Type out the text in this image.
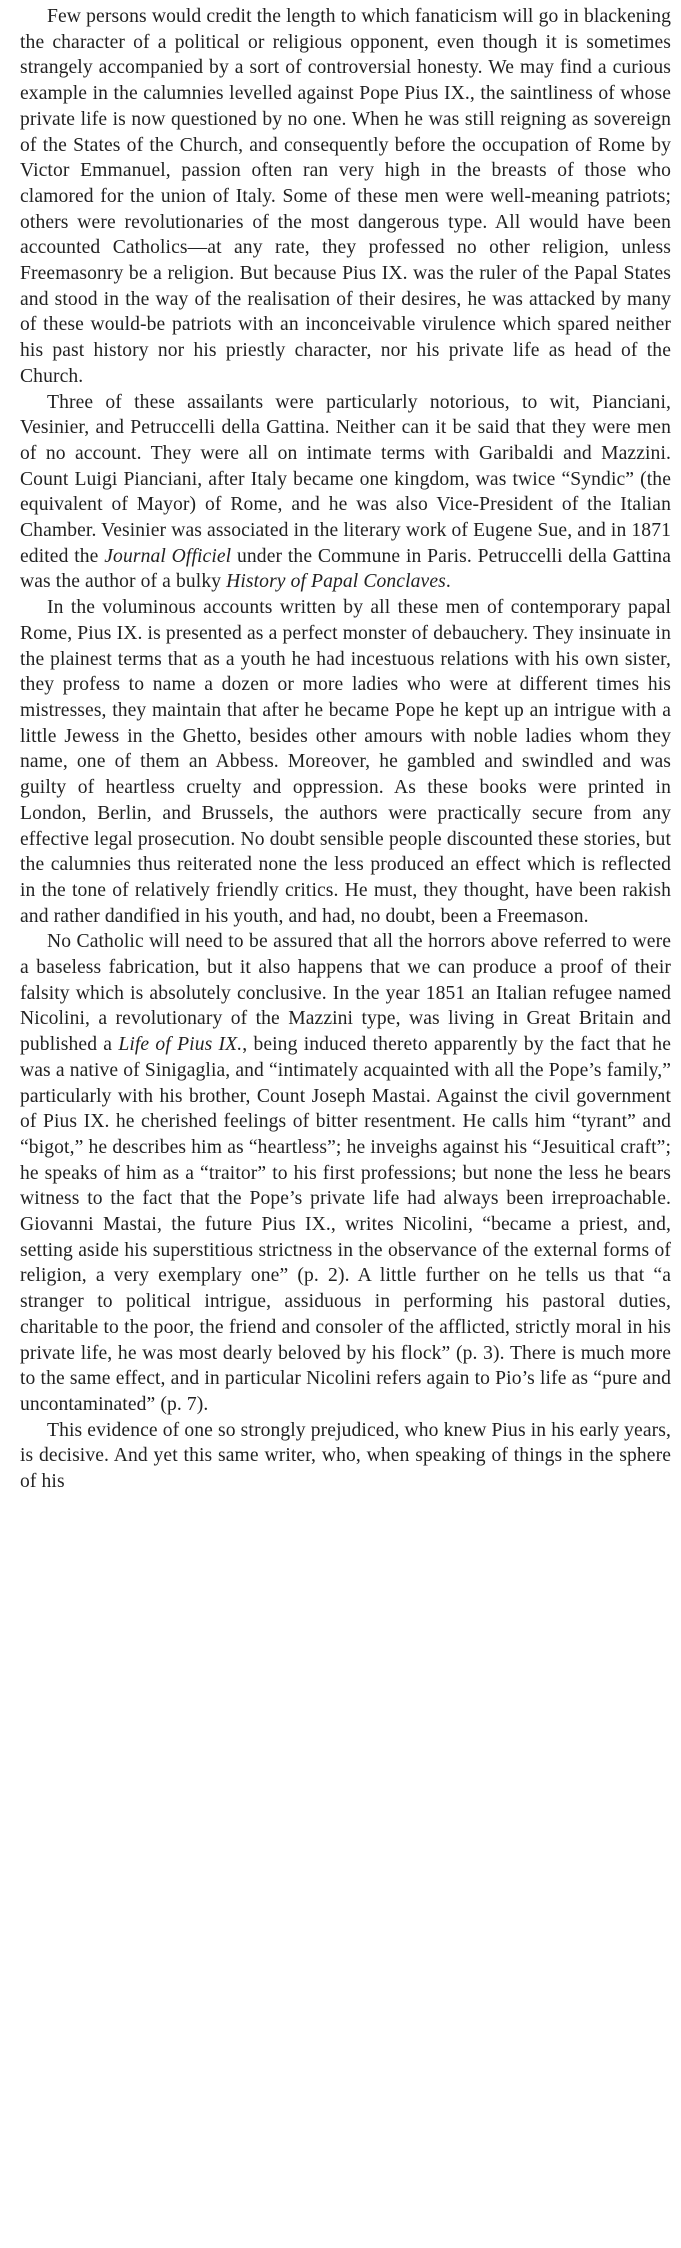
Few persons would credit the length to which fanaticism will go in blackening the character of a political or religious opponent, even though it is sometimes strangely accompanied by a sort of controversial honesty. We may find a curious example in the calumnies levelled against Pope Pius IX., the saintliness of whose private life is now questioned by no one. When he was still reigning as sovereign of the States of the Church, and consequently before the occupation of Rome by Victor Emmanuel, passion often ran very high in the breasts of those who clamored for the union of Italy. Some of these men were well-meaning patriots; others were revolutionaries of the most dangerous type. All would have been accounted Catholics—at any rate, they professed no other religion, unless Freemasonry be a religion. But because Pius IX. was the ruler of the Papal States and stood in the way of the realisation of their desires, he was attacked by many of these would-be patriots with an inconceivable virulence which spared neither his past history nor his priestly character, nor his private life as head of the Church.

Three of these assailants were particularly notorious, to wit, Pianciani, Vesinier, and Petruccelli della Gattina. Neither can it be said that they were men of no account. They were all on intimate terms with Garibaldi and Mazzini. Count Luigi Pianciani, after Italy became one kingdom, was twice “Syndic” (the equivalent of Mayor) of Rome, and he was also Vice-President of the Italian Chamber. Vesinier was associated in the literary work of Eugene Sue, and in 1871 edited the Journal Officiel under the Commune in Paris. Petruccelli della Gattina was the author of a bulky History of Papal Conclaves.

In the voluminous accounts written by all these men of contemporary papal Rome, Pius IX. is presented as a perfect monster of debauchery. They insinuate in the plainest terms that as a youth he had incestuous relations with his own sister, they profess to name a dozen or more ladies who were at different times his mistresses, they maintain that after he became Pope he kept up an intrigue with a little Jewess in the Ghetto, besides other amours with noble ladies whom they name, one of them an Abbess. Moreover, he gambled and swindled and was guilty of heartless cruelty and oppression. As these books were printed in London, Berlin, and Brussels, the authors were practically secure from any effective legal prosecution. No doubt sensible people discounted these stories, but the calumnies thus reiterated none the less produced an effect which is reflected in the tone of relatively friendly critics. He must, they thought, have been rakish and rather dandified in his youth, and had, no doubt, been a Freemason.

No Catholic will need to be assured that all the horrors above referred to were a baseless fabrication, but it also happens that we can produce a proof of their falsity which is absolutely conclusive. In the year 1851 an Italian refugee named Nicolini, a revolutionary of the Mazzini type, was living in Great Britain and published a Life of Pius IX., being induced thereto apparently by the fact that he was a native of Sinigaglia, and “intimately acquainted with all the Pope’s family,” particularly with his brother, Count Joseph Mastai. Against the civil government of Pius IX. he cherished feelings of bitter resentment. He calls him “tyrant” and “bigot,” he describes him as “heartless”; he inveighs against his “Jesuitical craft”; he speaks of him as a “traitor” to his first professions; but none the less he bears witness to the fact that the Pope’s private life had always been irreproachable. Giovanni Mastai, the future Pius IX., writes Nicolini, “became a priest, and, setting aside his superstitious strictness in the observance of the external forms of religion, a very exemplary one” (p. 2). A little further on he tells us that “a stranger to political intrigue, assiduous in performing his pastoral duties, charitable to the poor, the friend and consoler of the afflicted, strictly moral in his private life, he was most dearly beloved by his flock” (p. 3). There is much more to the same effect, and in particular Nicolini refers again to Pio’s life as “pure and uncontaminated” (p. 7).

This evidence of one so strongly prejudiced, who knew Pius in his early years, is decisive. And yet this same writer, who, when speaking of things in the sphere of his
